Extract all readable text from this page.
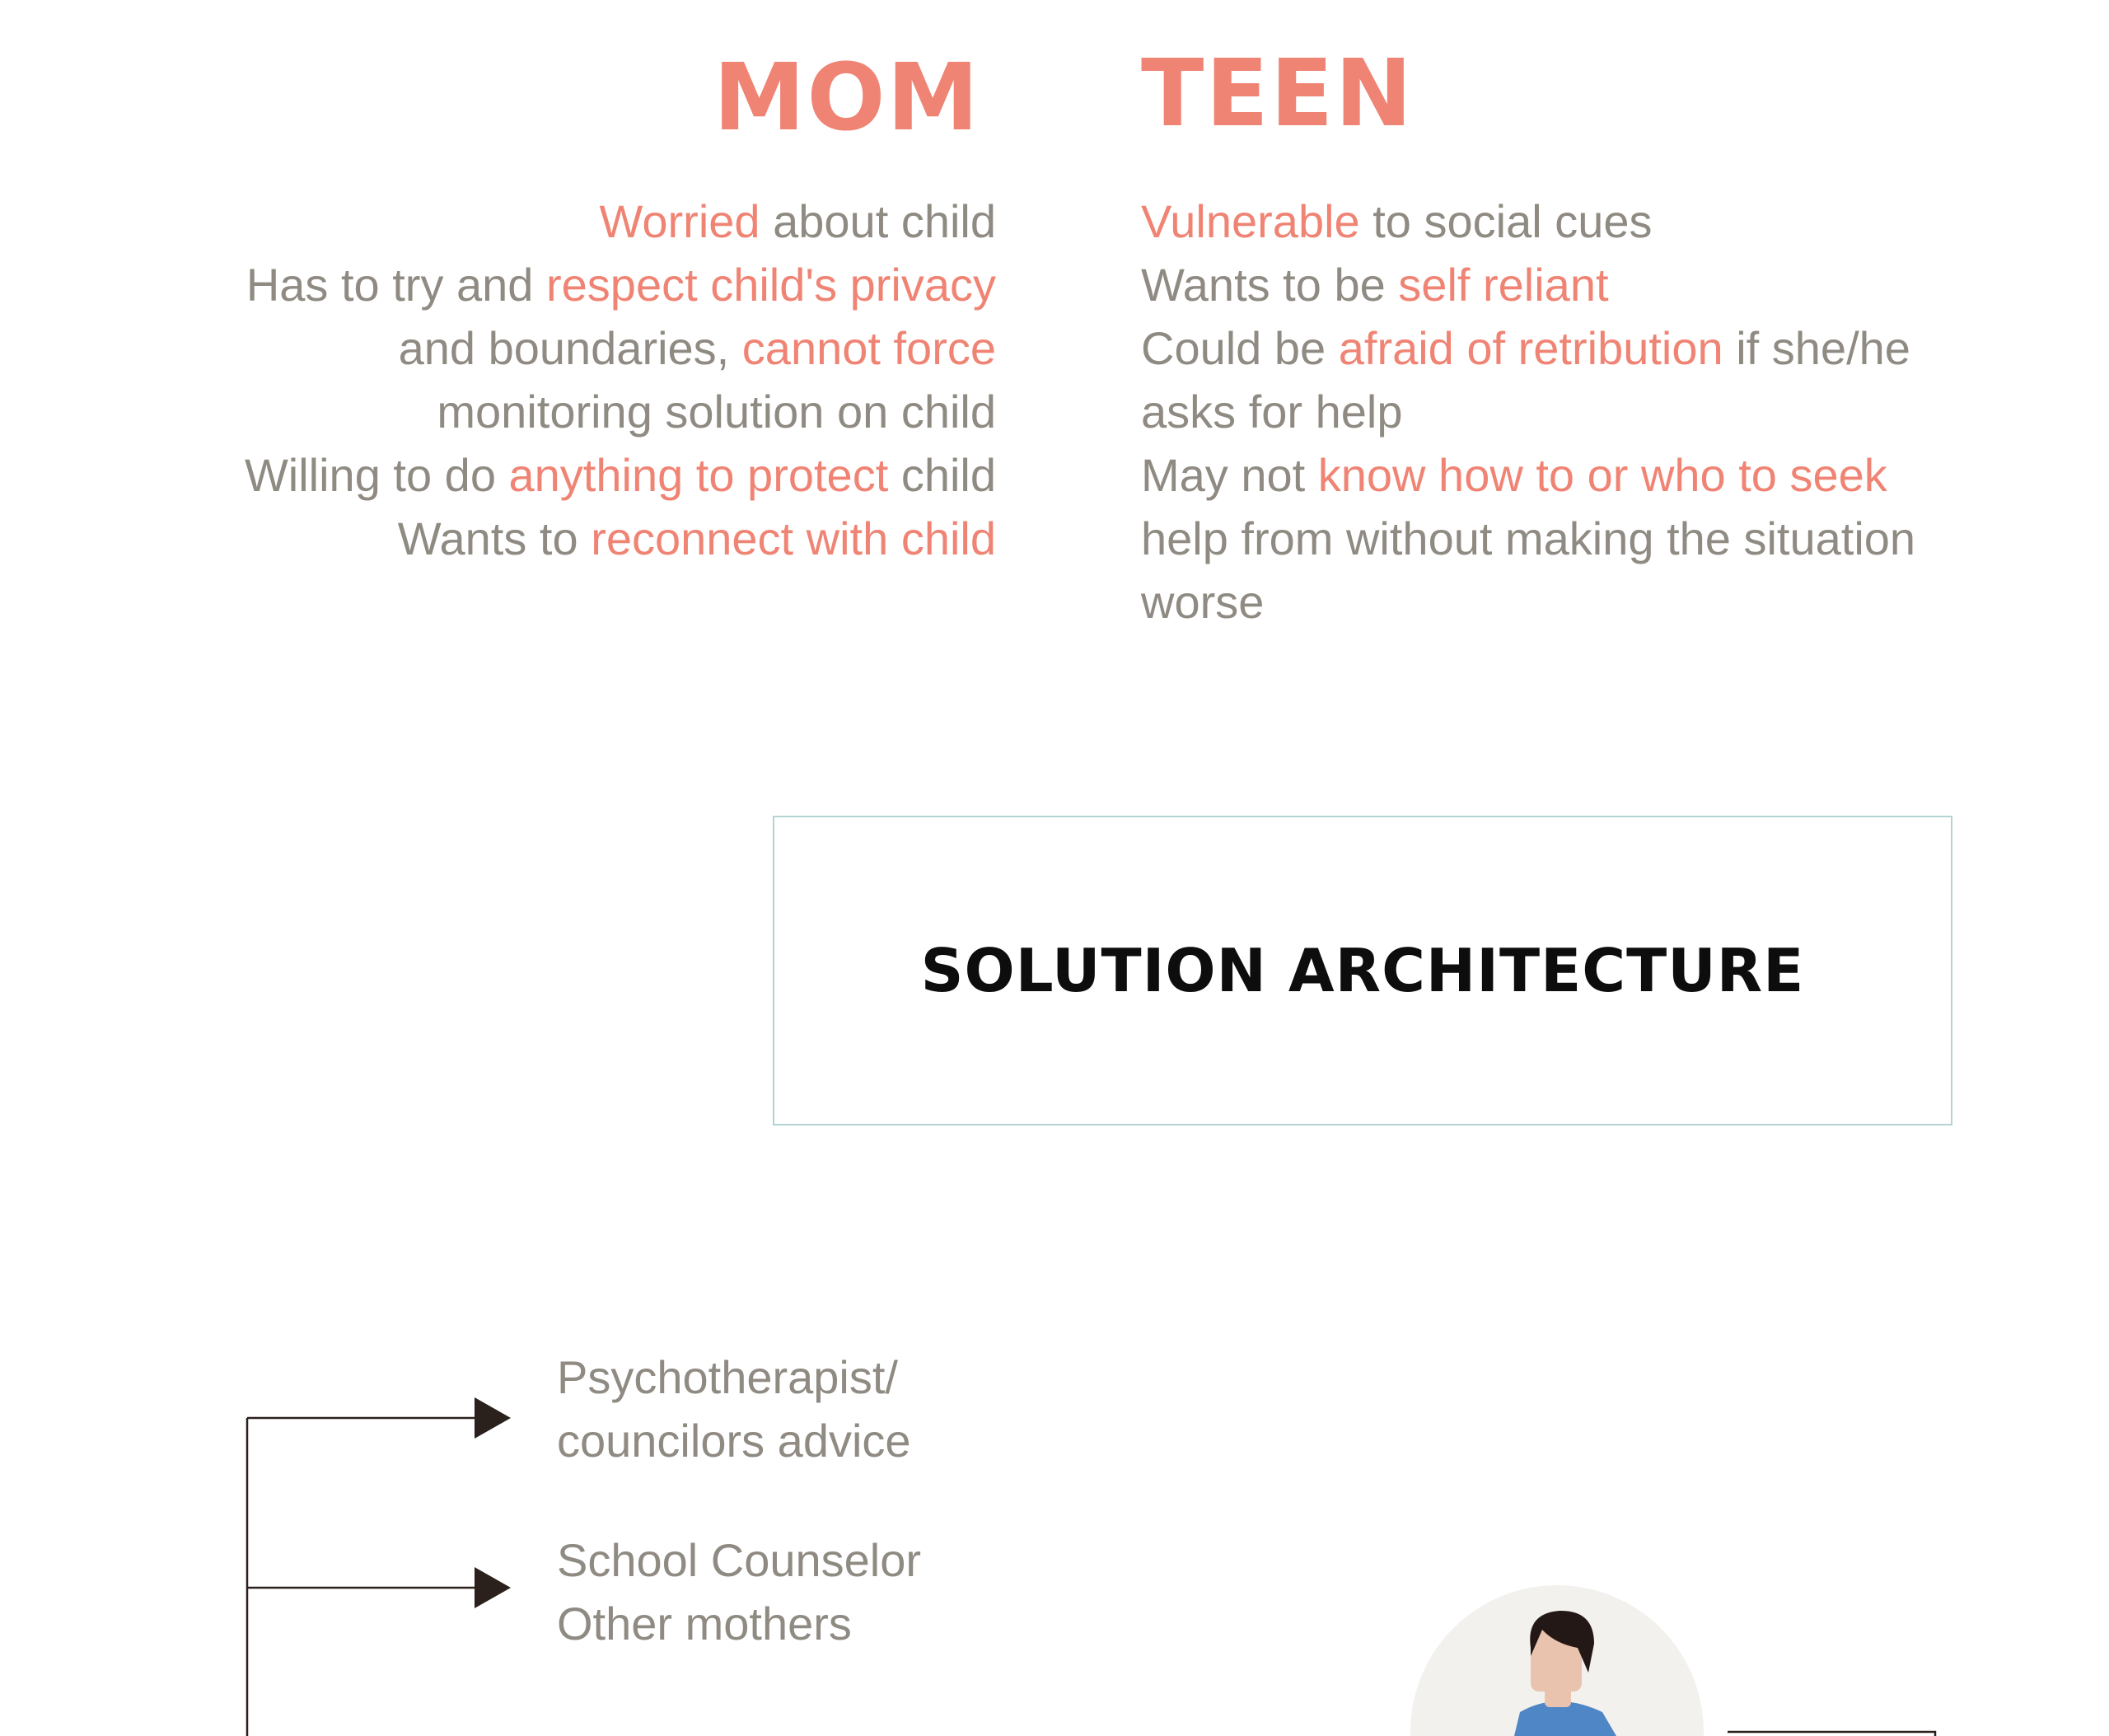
MOM TEEN
Worried about child
Has to try and respect child's privacy
and boundaries, cannot force
monitoring solution on child
Willing to do anything to protect child
Wants to reconnect with child
Vulnerable to social cues
Wants to be self reliant
Could be afraid of retribution if she/he
asks for help
May not know how to or who to seek
help from without making the situation
worse
SOLUTION ARCHITECTURE
Psychotherapist/
councilors advice
School Counselor
Other mothers
